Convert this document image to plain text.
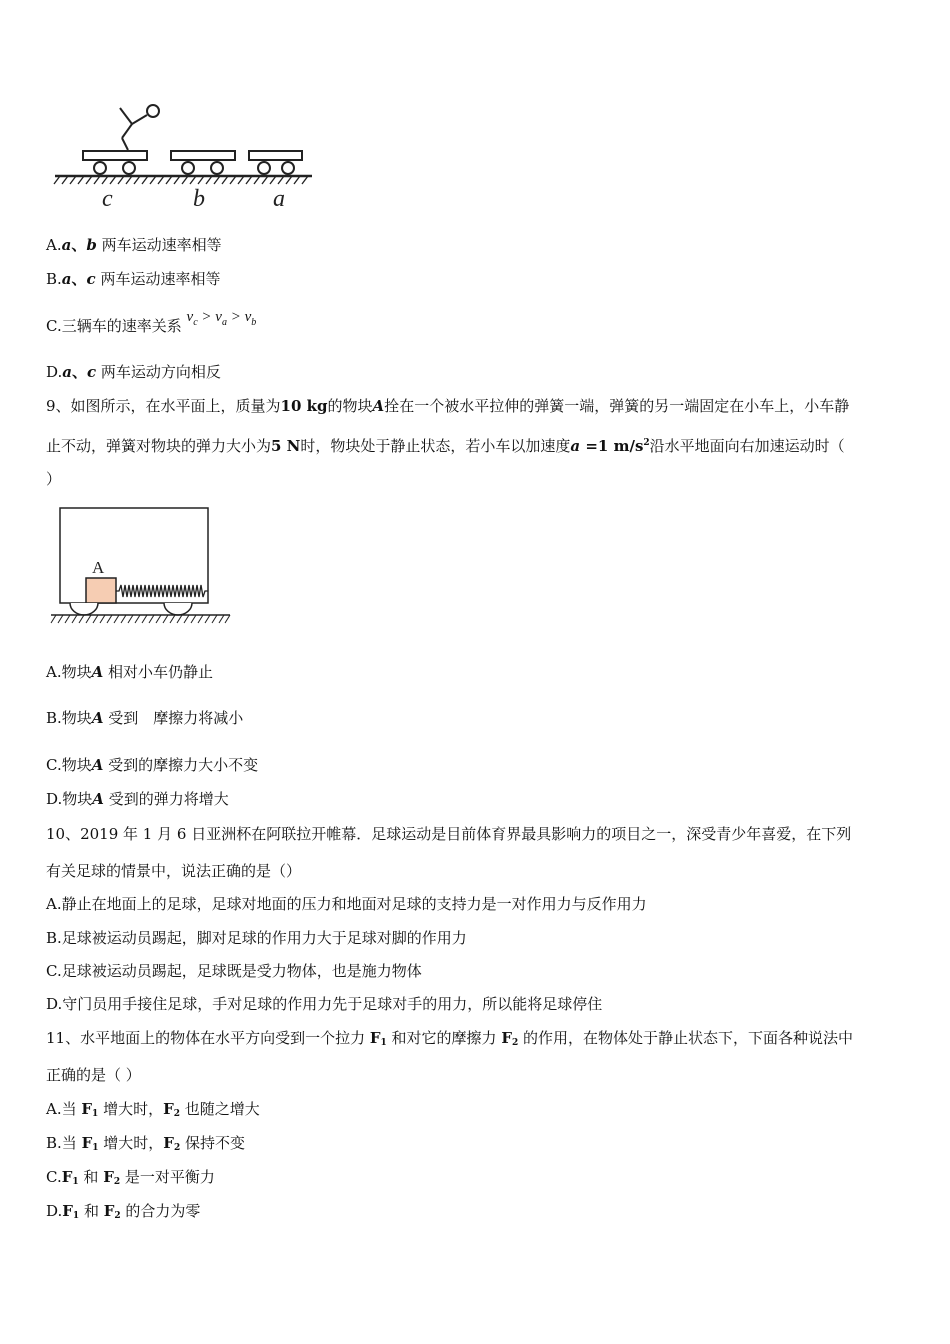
c	b	a
A.a、b 两车运动速率相等
B.a、c 两车运动速率相等
C.三辆车的速率关系 $v_c > v_a > v_b$
D.a、c 两车运动方向相反
9、如图所示，在水平面上，质量为10 kg的物块A拴在一个被水平拉伸的弹簧一端，弹簧的另一端固定在小车上，小车静
止不动，弹簧对物块的弹力大小为5 N时，物块处于静止状态，若小车以加速度a =1 $m/s^2$沿水平地面向右加速运动时（
）
A
A.物块A 相对小车仍静止
B.物块A 受到　摩擦力将减小
C.物块A 受到的摩擦力大小不变
D.物块A 受到的弹力将增大
10、2019 年 1 月 6 日亚洲杯在阿联拉开帷幕．足球运动是目前体育界最具影响力的项目之一，深受青少年喜爱，在下列
有关足球的情景中，说法正确的是（）
A.静止在地面上的足球，足球对地面的压力和地面对足球的支持力是一对作用力与反作用力
B.足球被运动员踢起，脚对足球的作用力大于足球对脚的作用力
C.足球被运动员踢起，足球既是受力物体，也是施力物体
D.守门员用手接住足球，手对足球的作用力先于足球对手的用力，所以能将足球停住
11、水平地面上的物体在水平方向受到一个拉力 $F_1$ 和对它的摩擦力 $F_2$ 的作用，在物体处于静止状态下，下面各种说法中
正确的是（ ）
A.当 $F_1$ 增大时，$F_2$ 也随之增大
B.当 $F_1$ 增大时，$F_2$ 保持不变
$C.F_1$ 和 $F_2$ 是一对平衡力
$D.F_1$ 和 $F_2$ 的合力为零
